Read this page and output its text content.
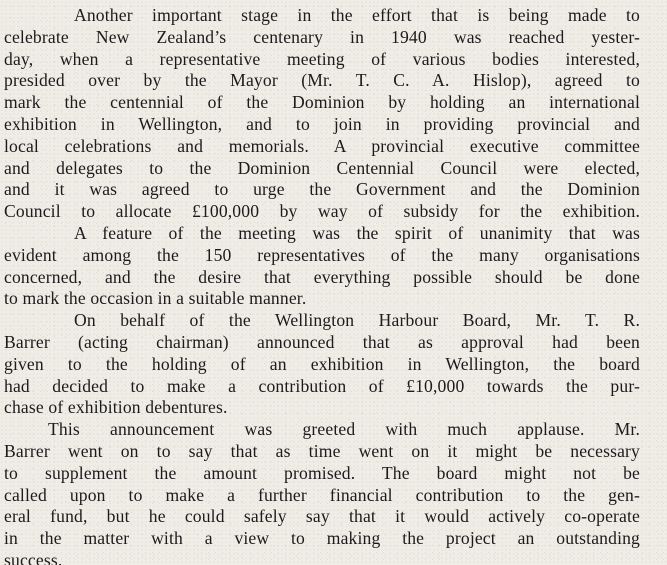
Another important stage in the effort that is being made to
celebrate New Zealand’s centenary in 1940 was reached yester-
day, when a representative meeting of various bodies interested,
presided over by the Mayor (Mr. T. C. A. Hislop), agreed to
mark the centennial of the Dominion by holding an international
exhibition in Wellington, and to join in providing provincial and
local celebrations and memorials. A provincial executive committee
and delegates to the Dominion Centennial Council were elected,
and it was agreed to urge the Government and the Dominion
Council to allocate £100,000 by way of subsidy for the exhibition.
A feature of the meeting was the spirit of unanimity that was
evident among the 150 representatives of the many organisations
concerned, and the desire that everything possible should be done
to mark the occasion in a suitable manner.
On behalf of the Wellington Harbour Board, Mr. T. R.
Barrer (acting chairman) announced that as approval had been
given to the holding of an exhibition in Wellington, the board
had decided to make a contribution of £10,000 towards the pur-
chase of exhibition debentures.
This announcement was greeted with much applause. Mr.
Barrer went on to say that as time went on it might be necessary
to supplement the amount promised. The board might not be
called upon to make a further financial contribution to the gen-
eral fund, but he could safely say that it would actively co-operate
in the matter with a view to making the project an outstanding
success.
